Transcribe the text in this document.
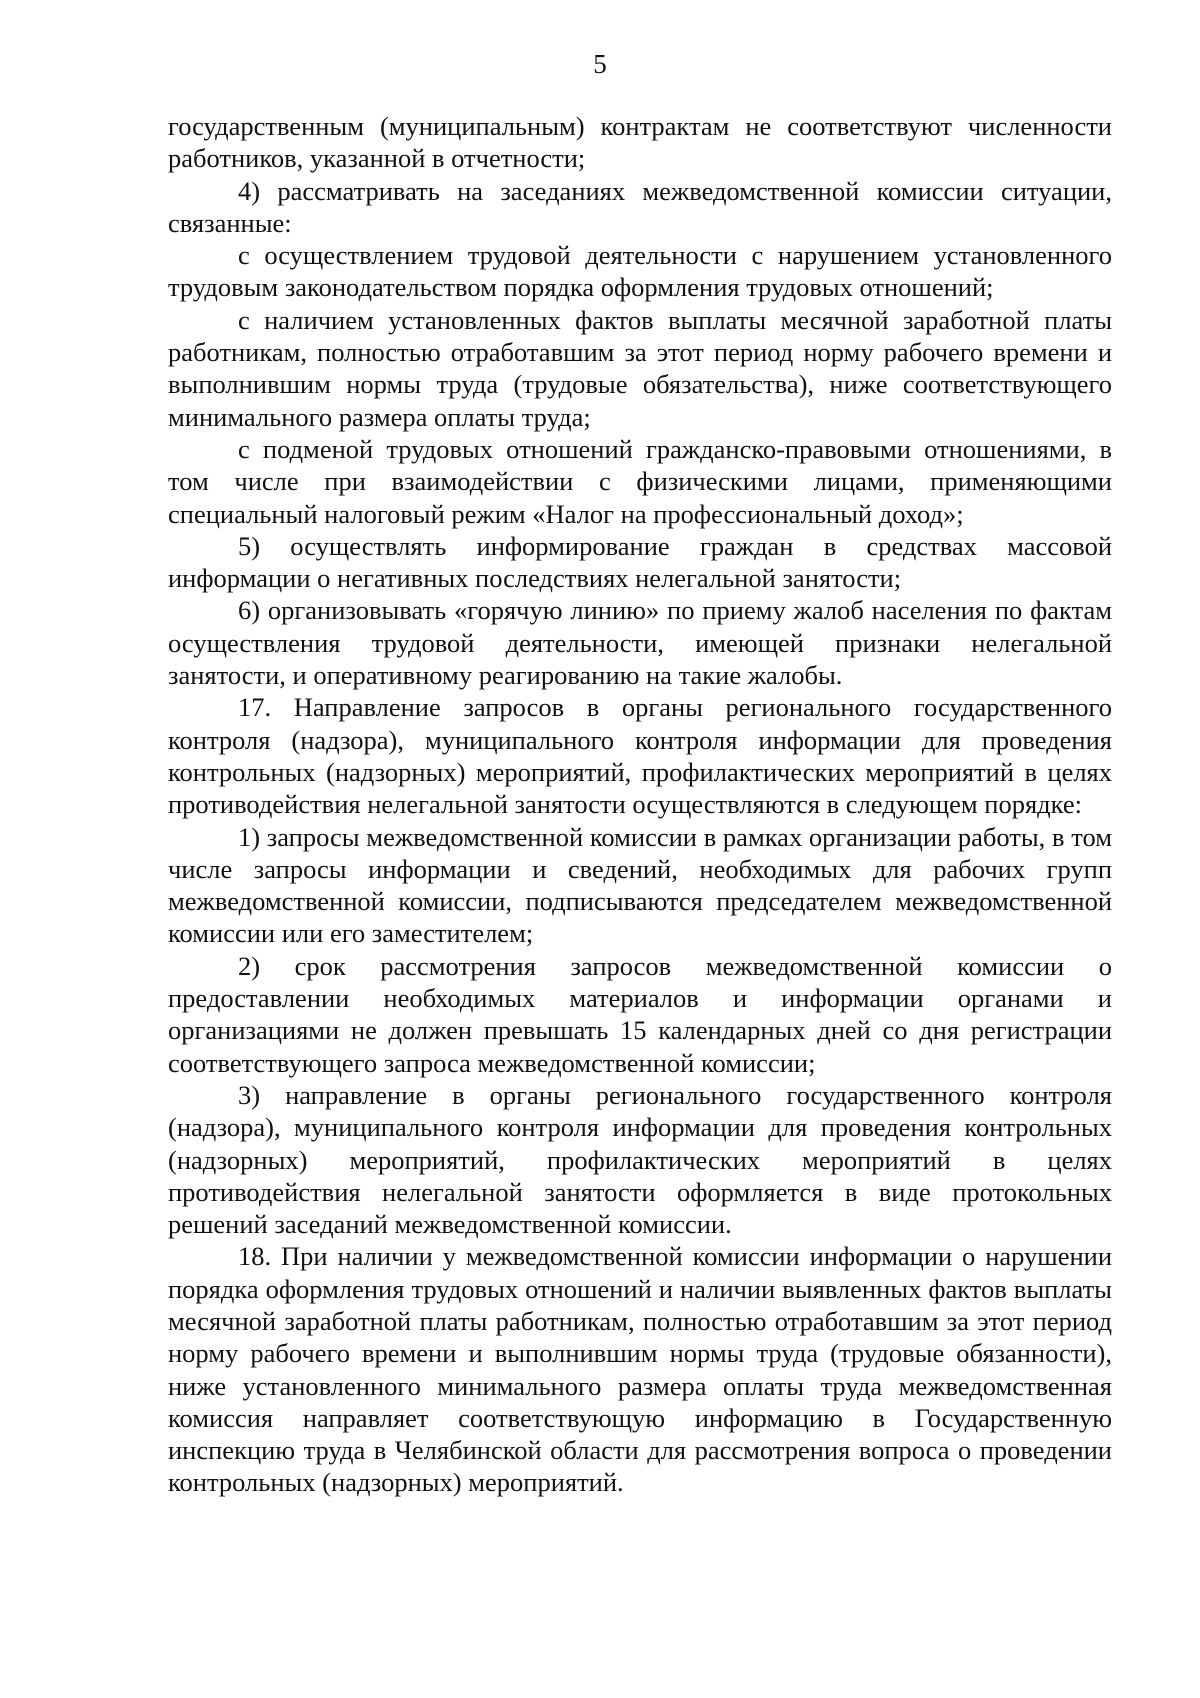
5

государственным (муниципальным) контрактам не соответствуют численности работников, указанной в отчетности;

4) рассматривать на заседаниях межведомственной комиссии ситуации, связанные:

с осуществлением трудовой деятельности с нарушением установленного трудовым законодательством порядка оформления трудовых отношений;

с наличием установленных фактов выплаты месячной заработной платы работникам, полностью отработавшим за этот период норму рабочего времени и выполнившим нормы труда (трудовые обязательства), ниже соответствующего минимального размера оплаты труда;

с подменой трудовых отношений гражданско-правовыми отношениями, в том числе при взаимодействии с физическими лицами, применяющими специальный налоговый режим «Налог на профессиональный доход»;

5) осуществлять информирование граждан в средствах массовой информации о негативных последствиях нелегальной занятости;

6) организовывать «горячую линию» по приему жалоб населения по фактам осуществления трудовой деятельности, имеющей признаки нелегальной занятости, и оперативному реагированию на такие жалобы.

17. Направление запросов в органы регионального государственного контроля (надзора), муниципального контроля информации для проведения контрольных (надзорных) мероприятий, профилактических мероприятий в целях противодействия нелегальной занятости осуществляются в следующем порядке:

1) запросы межведомственной комиссии в рамках организации работы, в том числе запросы информации и сведений, необходимых для рабочих групп межведомственной комиссии, подписываются председателем межведомственной комиссии или его заместителем;

2) срок рассмотрения запросов межведомственной комиссии о предоставлении необходимых материалов и информации органами и организациями не должен превышать 15 календарных дней со дня регистрации соответствующего запроса межведомственной комиссии;

3) направление в органы регионального государственного контроля (надзора), муниципального контроля информации для проведения контрольных (надзорных) мероприятий, профилактических мероприятий в целях противодействия нелегальной занятости оформляется в виде протокольных решений заседаний межведомственной комиссии.

18. При наличии у межведомственной комиссии информации о нарушении порядка оформления трудовых отношений и наличии выявленных фактов выплаты месячной заработной платы работникам, полностью отработавшим за этот период норму рабочего времени и выполнившим нормы труда (трудовые обязанности), ниже установленного минимального размера оплаты труда межведомственная комиссия направляет соответствующую информацию в Государственную инспекцию труда в Челябинской области для рассмотрения вопроса о проведении контрольных (надзорных) мероприятий.
